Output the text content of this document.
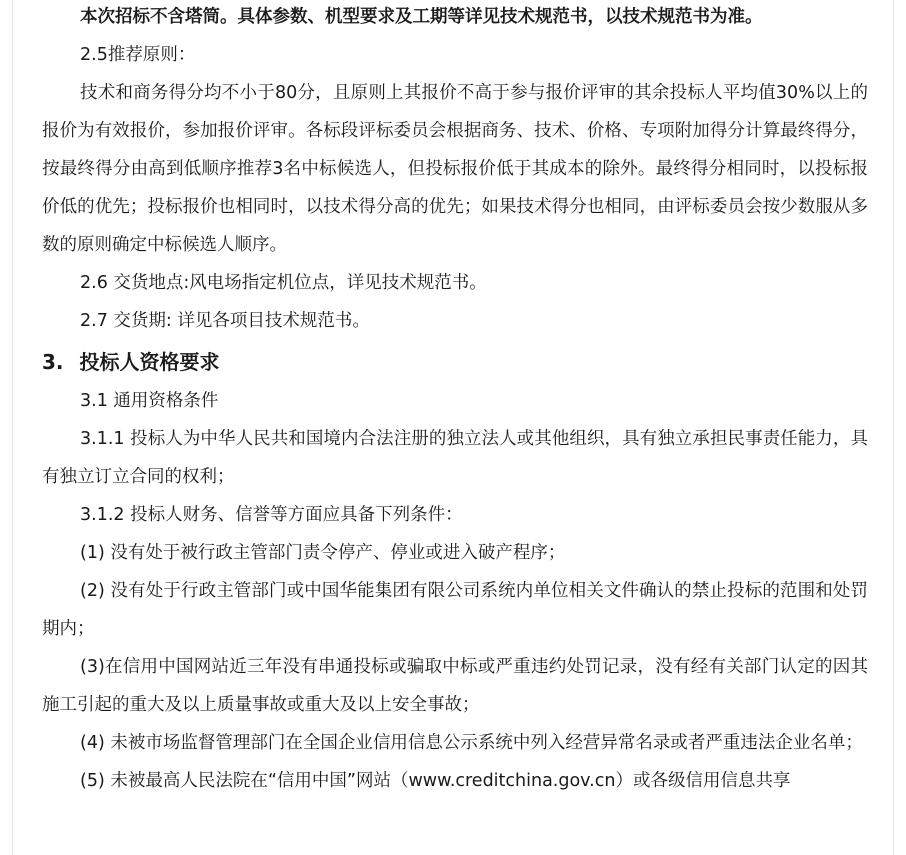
本次招标不含塔筒。具体参数、机型要求及工期等详见技术规范书，以技术规范书为准。

2.5推荐原则：

技术和商务得分均不小于80分，且原则上其报价不高于参与报价评审的其余投标人平均值30%以上的报价为有效报价，参加报价评审。各标段评标委员会根据商务、技术、价格、专项附加得分计算最终得分，按最终得分由高到低顺序推荐3名中标候选人，但投标报价低于其成本的除外。最终得分相同时，以投标报价低的优先；投标报价也相同时，以技术得分高的优先；如果技术得分也相同，由评标委员会按少数服从多数的原则确定中标候选人顺序。

2.6 交货地点:风电场指定机位点，详见技术规范书。

2.7 交货期: 详见各项目技术规范书。

3. 投标人资格要求

3.1 通用资格条件

3.1.1 投标人为中华人民共和国境内合法注册的独立法人或其他组织，具有独立承担民事责任能力，具有独立订立合同的权利；

3.1.2 投标人财务、信誉等方面应具备下列条件：

(1) 没有处于被行政主管部门责令停产、停业或进入破产程序；

(2) 没有处于行政主管部门或中国华能集团有限公司系统内单位相关文件确认的禁止投标的范围和处罚期内；

(3)在信用中国网站近三年没有串通投标或骗取中标或严重违约处罚记录，没有经有关部门认定的因其施工引起的重大及以上质量事故或重大及以上安全事故；

(4) 未被市场监督管理部门在全国企业信用信息公示系统中列入经营异常名录或者严重违法企业名单；

(5) 未被最高人民法院在“信用中国”网站（www.creditchina.gov.cn）或各级信用信息共享
